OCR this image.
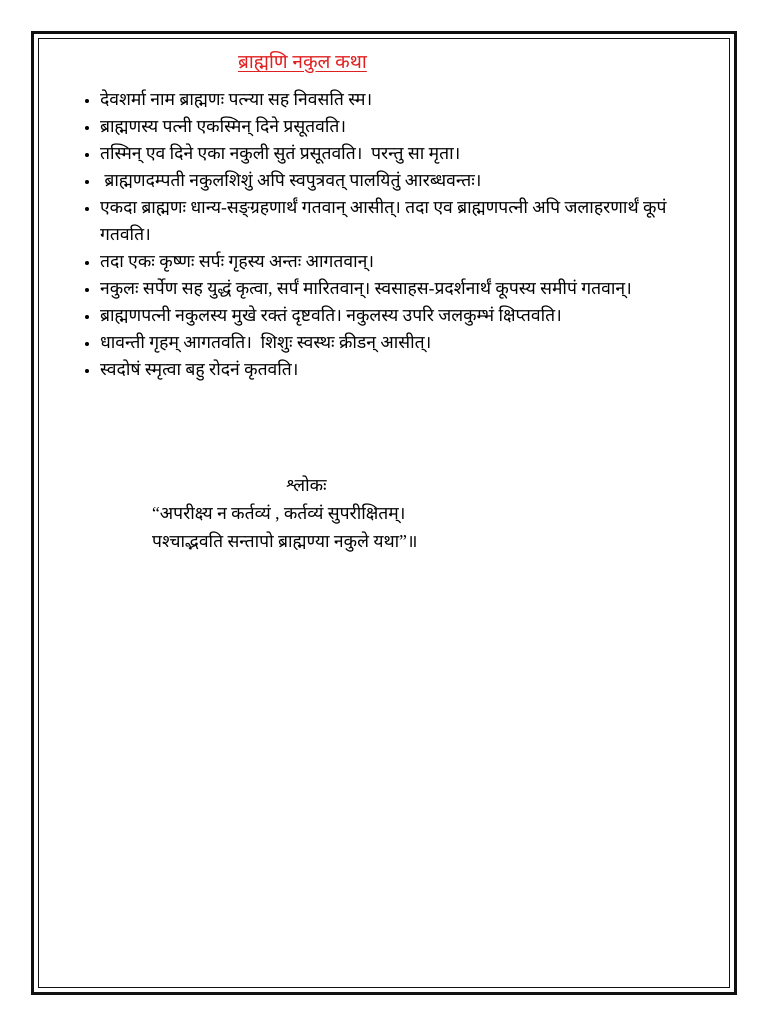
ब्राह्मणि नकुल कथा
• देवशर्मा नाम ब्राह्मणः पत्न्या सह निवसति स्म।
• ब्राह्मणस्य पत्नी एकस्मिन् दिने प्रसूतवति।
• तस्मिन् एव दिने एका नकुली सुतं प्रसूतवति।  परन्तु सा मृता।
•  ब्राह्मणदम्पती नकुलशिशुं अपि स्वपुत्रवत् पालयितुं आरब्धवन्तः।
• एकदा ब्राह्मणः धान्य-सङ्ग्रहणार्थं गतवान् आसीत्। तदा एव ब्राह्मणपत्नी अपि जलाहरणार्थं कूपं   गतवति।
• तदा एकः कृष्णः सर्पः गृहस्य अन्तः आगतवान्।
• नकुलः सर्पेण सह युद्धं कृत्वा, सर्पं मारितवान्। स्वसाहस-प्रदर्शनार्थं कूपस्य समीपं गतवान्।
• ब्राह्मणपत्नी नकुलस्य मुखे रक्तं दृष्टवति। नकुलस्य उपरि जलकुम्भं क्षिप्तवति।
• धावन्ती गृहम् आगतवति।  शिशुः स्वस्थः क्रीडन् आसीत्।
• स्वदोषं स्मृत्वा बहु रोदनं कृतवति।
श्लोकः
“अपरीक्ष्य न कर्तव्यं , कर्तव्यं सुपरीक्षितम्।
पश्चाद्भवति सन्तापो ब्राह्मण्या नकुले यथा”॥
